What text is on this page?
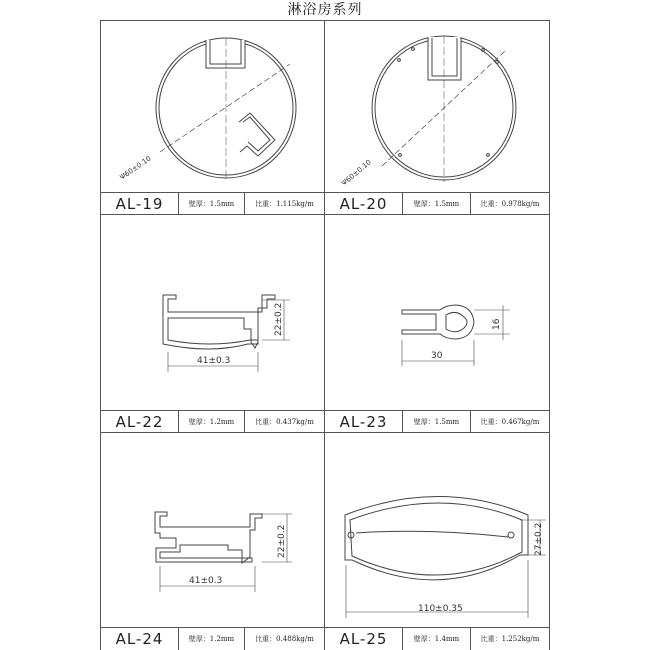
淋浴房系列
Ψ60±0.10	Ψ60±0.10
41±0.3
22±0.2
30
16
41±0.3
22±0.2
110±0.35
27±0.2
AL-19	壁厚：1.5mm	比重：1.115kg/m	AL-20	壁厚：1.5mm	比重：0.978kg/m
AL-22	壁厚：1.2mm	比重：0.437kg/m	AL-23	壁厚：1.5mm	比重：0.467kg/m
AL-24	壁厚：1.2mm	比重：0.488kg/m	AL-25	壁厚：1.4mm	比重：1.252kg/m
